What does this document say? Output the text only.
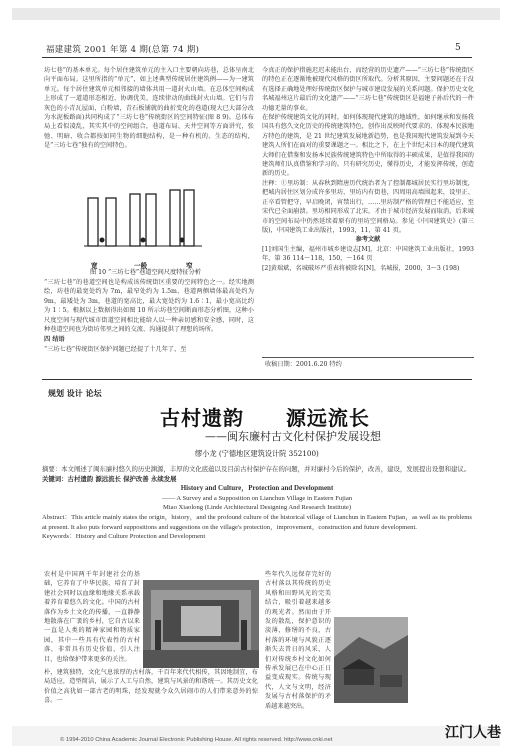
福建建筑 2001 年第 4 期(总第 74 期)	5

坊七巷”的基本单元。每个居住建筑单元的主入口主要朝向坊巷，总体呈南北向平面布局。这里所指的“单元”，如上述典型传统居住建筑例——为一建筑单元。每个居住建筑单元相邻接的墙体共用一道封火山墙。在总体空间构成上形成了一道道形态相近、协调优美、连续律动的曲线封火山墙。它们与青灰色的小青瓦屋面，白粉墙，青石板铺就的曲折变化的巷道(现大已大部分改为水泥板路面)共同构成了“三坊七巷”传统街区的空间特征(图 8 9)。总体布局上看似凌乱，其实其中的空间组合，巷道布局、天井空间等方面讲究，张弛、明暗、收合都按如同生物的细胞结构，是一种有机的、生态的结构，是“三坊七巷”独有的空间特色。

宽	一般	窄
图 10 “三坊七巷”巷道空间尺度特征分析

“三坊七巷”的巷道空间也是构成该传统街区重要的空间特色之一。经实地测绘，坊巷的最宽处约为 7m，最窄处约为 1.5m，巷道两侧墙体最高处约为 9m，最矮处为 3m，巷道的宽高比，最大宽处约为 1.6∶1，最小宽高比约为 1∶5。根据以上数据得出如图 10 所示坊巷空间断面形态分析图，这种小尺度空间与现代城市街道空间相比能给人以一种亲切感和安全感，同时，这种巷道空间也为街坊邻里之间的交流、沟通提供了理想的场所。

四 结语

“三坊七巷”传统街区保护问题已经提了十几年了，至

今真正的保护措施迟迟未能出台，而经营的历史遗产——“三坊七巷”传统街区的特色正在逐渐地被现代风格的街区所取代。分析其原因，主要问题还在于没有选择正确地处理好传统街区保护与城市建设发展的关系问题。保护历史文化名城福州这片最后的文化遗产——“三坊七巷”传统街区是福建子孙后代的一件功德无量的事业。

在保护传统建筑文化的同时，如何体现现代建筑的地域性，如何继承和发扬我国具有悠久文化历史的传统建筑特色，创作出反映时代要求的、体现本民族地方特色的建筑，是 21 世纪建筑发展地新趋势，也是我国现代建筑发展到今天建筑人所们在面对的重要课题之一。相比之下，在上个世纪末日本的现代建筑大师们在借鉴和发扬本民族传统建筑特色中所取得的丰硕成果，是值得我国的建筑师们认真借鉴和学习的。只有研究历史，懂得历史，才能发挥传统，创造新的历史。

注释：①里坊制：从春秋到隋唐历代统治者为了控制都城居民实行里坊制度，把城内居住区划分成许多里坊，里坊内有街巷，四周用高墙围起来，设里正、正卒看管把守，早启晚闭，宵禁出行，……里坊制严格的管理已不能适应，至宋代已全面崩溃。里坊相同形成了北宋，才由于城市经济发展而取消，后来城市的空间布局中仍然延续着原有的里坊空间格局。参见《中国建筑史》(第三版)，中国建筑工业出版社，1993，11，第 41 页。

参考文献

[1]刘国生主编，福州市城乡建设志[M]，北京：中国建筑工业出版社，1993 年，第 36 114～118，150，～164 页

[2]黄瑞斌，名城破坏严重表将被除名[N]，名城报，2000，3～3 (198)

收稿日期：2001.6.20 特约
规划 设计 论坛
古村遗韵 源远流长
——闽东廉村古文化村保护发展设想
缪小龙 (宁德地区建筑设计院 352100)
摘要：本文阐述了闽东廉村悠久的历史渊源，丰厚的文化底蕴以及目前古村保护存在的问题，并对廉村今后的保护，改善，建设，发展提出设想和建议。
关键词：古村遗韵 源远流长 保护改善 永续发展
History and Culture，Protection and Development
—— A Survey and a Supposition on Lianchun Village in Eastern Fujian
Miao Xiaolong (Linde Architectural Designing And Research Institute)
Abstract：This article mainly states the origin，history，and the profound culture of the historical village of Lianchun in Eastern Fujian，as well as its problems at present. It also puts forward suppositions and suggestions on the village's protection，improvement，construction and future development.
Keywords：History and Culture Protection and Development
农村是中国两千年封建社会的基础，它养育了中华民族，培育了封建社会同时以血缘和地缘关系承载着养育着悠久的文化。中国的古村落作为乡土文化的传播，一直静静地散落在广袤的乡村，它自古以来一直是人类的精神家园和物质家园，其中一些具有代表性的古村落，非常具有历史价值，引人注目，也给保护带来更多的关注。
朴，建筑独特，文化气息浓厚的古村落，千百年来代代相传，其因地制宜，布局适应，造型简洁，展示了人工与自然，建筑与风景的和谐统一。其历史文化价值之高犹如一部古老的明珠，经发现就令众久居闹市的人们带来意外的惊喜。一

些年代久远保存完好的古村落以其传统的历史风格和田野风光的完美结合，吸引着越来越多的观光者。然而由于开发的散乱，保护意识的淡薄，修缮的不良，古村落的环境与风貌正逐渐失去昔日的风采，人们对传统乡村文化如何传承发展已在中心正日益变成现实。传统与现代，人文与文明，经济发展与古村落保护的矛盾越来越突出。

© 1994-2010 China Academic Journal Electronic Publishing House. All rights reserved. http://www.cnki.net	江门人巷
